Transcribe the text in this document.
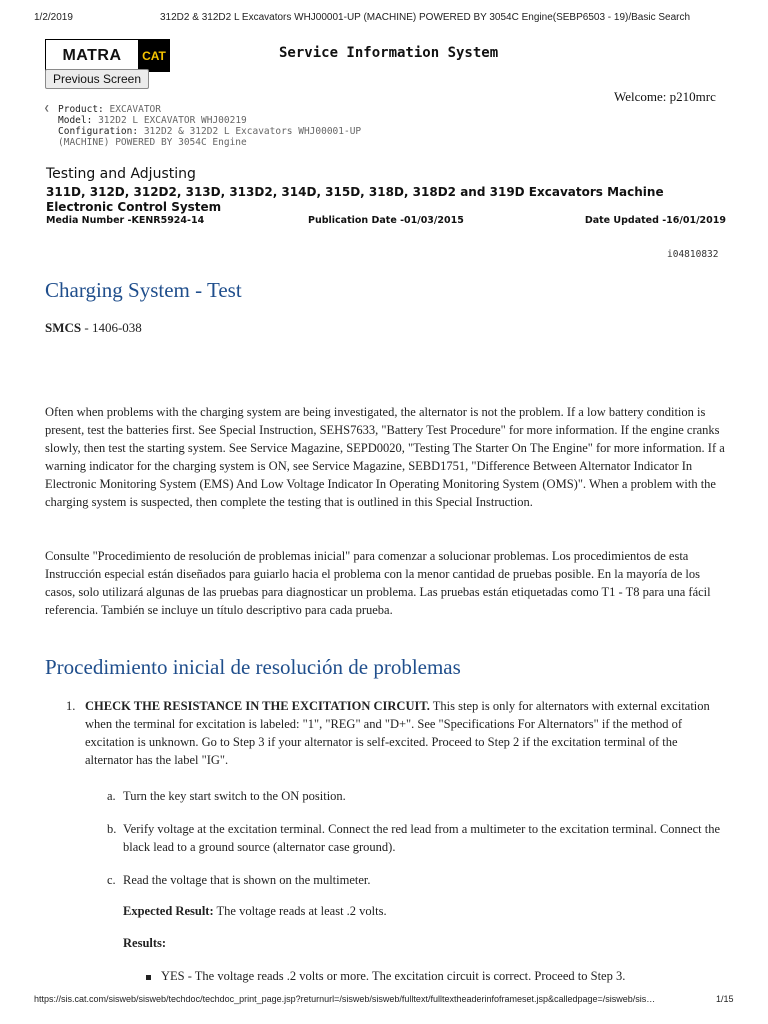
1/2/2019	312D2 & 312D2 L Excavators WHJ00001-UP (MACHINE) POWERED BY 3054C Engine(SEBP6503 - 19)/Basic Search
MATRA	CAT	Service Information System
Previous Screen
Welcome: p210mrc
❮ Product: EXCAVATOR
Model: 312D2 L EXCAVATOR WHJ00219
Configuration: 312D2 & 312D2 L Excavators WHJ00001-UP
(MACHINE) POWERED BY 3054C Engine
Testing and Adjusting
311D, 312D, 312D2, 313D, 313D2, 314D, 315D, 318D, 318D2 and 319D Excavators Machine Electronic Control System
Media Number -KENR5924-14	Publication Date -01/03/2015	Date Updated -16/01/2019
i04810832
Charging System - Test
SMCS - 1406-038
Often when problems with the charging system are being investigated, the alternator is not the problem. If a low battery condition is present, test the batteries first. See Special Instruction, SEHS7633, "Battery Test Procedure" for more information. If the engine cranks slowly, then test the starting system. See Service Magazine, SEPD0020, "Testing The Starter On The Engine" for more information. If a warning indicator for the charging system is ON, see Service Magazine, SEBD1751, "Difference Between Alternator Indicator In Electronic Monitoring System (EMS) And Low Voltage Indicator In Operating Monitoring System (OMS)". When a problem with the charging system is suspected, then complete the testing that is outlined in this Special Instruction.
Consulte "Procedimiento de resolución de problemas inicial" para comenzar a solucionar problemas. Los procedimientos de esta Instrucción especial están diseñados para guiarlo hacia el problema con la menor cantidad de pruebas posible. En la mayoría de los casos, solo utilizará algunas de las pruebas para diagnosticar un problema. Las pruebas están etiquetadas como T1 - T8 para una fácil referencia. También se incluye un título descriptivo para cada prueba.
Procedimiento inicial de resolución de problemas
1. CHECK THE RESISTANCE IN THE EXCITATION CIRCUIT. This step is only for alternators with external excitation when the terminal for excitation is labeled: "1", "REG" and "D+". See "Specifications For Alternators" if the method of excitation is unknown. Go to Step 3 if your alternator is self-excited. Proceed to Step 2 if the excitation terminal of the alternator has the label "IG".
a. Turn the key start switch to the ON position.
b. Verify voltage at the excitation terminal. Connect the red lead from a multimeter to the excitation terminal. Connect the black lead to a ground source (alternator case ground).
c. Read the voltage that is shown on the multimeter.
Expected Result: The voltage reads at least .2 volts.
Results:
YES - The voltage reads .2 volts or more. The excitation circuit is correct. Proceed to Step 3.
https://sis.cat.com/sisweb/sisweb/techdoc/techdoc_print_page.jsp?returnurl=/sisweb/sisweb/fulltext/fulltextheaderinfoframeset.jsp&calledpage=/sisweb/sis…	1/15
